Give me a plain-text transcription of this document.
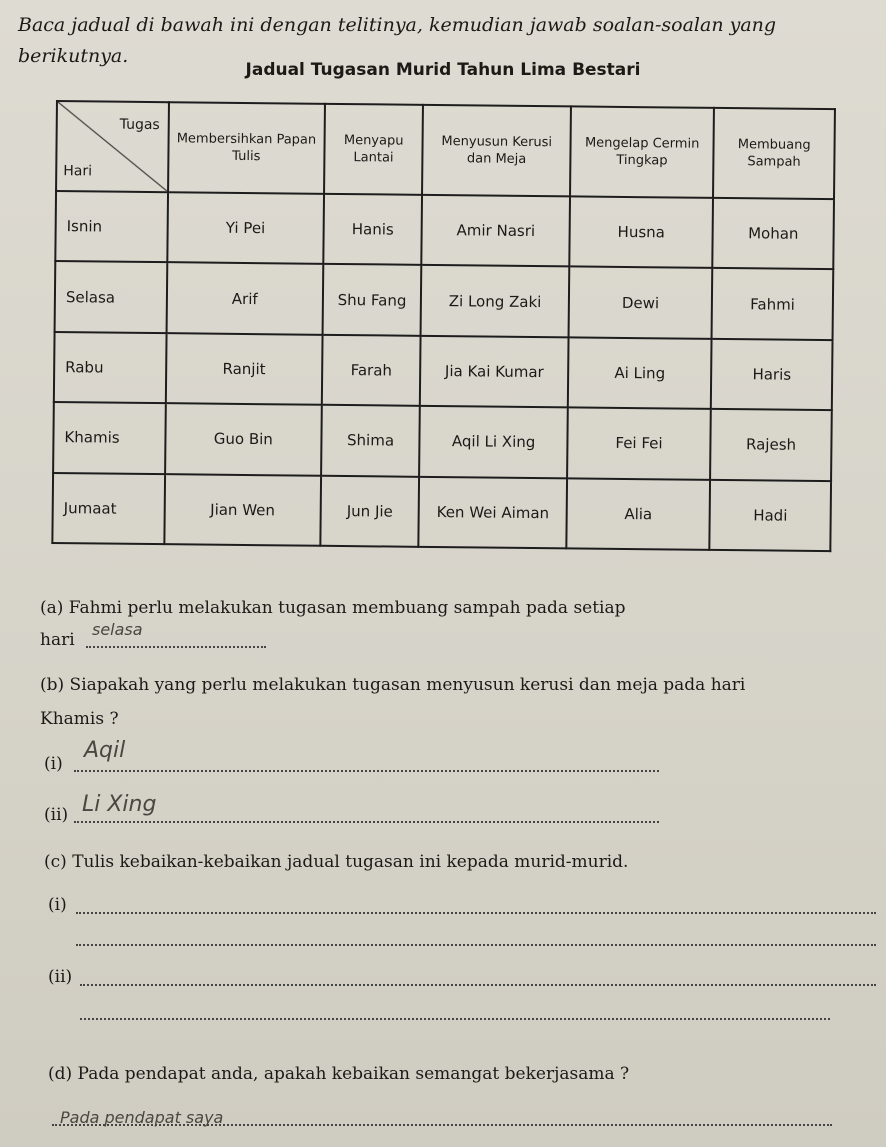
Baca jadual di bawah ini dengan telitinya, kemudian jawab soalan-soalan yang berikutnya.
Jadual Tugasan Murid Tahun Lima Bestari
Tugas
Hari	Membersihkan Papan Tulis	Menyapu Lantai	Menyusun Kerusi dan Meja	Mengelap Cermin Tingkap	Membuang Sampah
Isnin	Yi Pei	Hanis	Amir Nasri	Husna	Mohan
Selasa	Arif	Shu Fang	Zi Long Zaki	Dewi	Fahmi
Rabu	Ranjit	Farah	Jia Kai Kumar	Ai Ling	Haris
Khamis	Guo Bin	Shima	Aqil Li Xing	Fei Fei	Rajesh
Jumaat	Jian Wen	Jun Jie	Ken Wei Aiman	Alia	Hadi
(a) Fahmi perlu melakukan tugasan membuang sampah pada setiap
hari
selasa
(b) Siapakah yang perlu melakukan tugasan menyusun kerusi dan meja pada hari
Khamis ?
(i)
Aqil
(ii) Li Xing
(c) Tulis kebaikan-kebaikan jadual tugasan ini kepada murid-murid.
(i)
(ii)
(d) Pada pendapat anda, apakah kebaikan semangat bekerjasama ?
Pada pendapat saya
